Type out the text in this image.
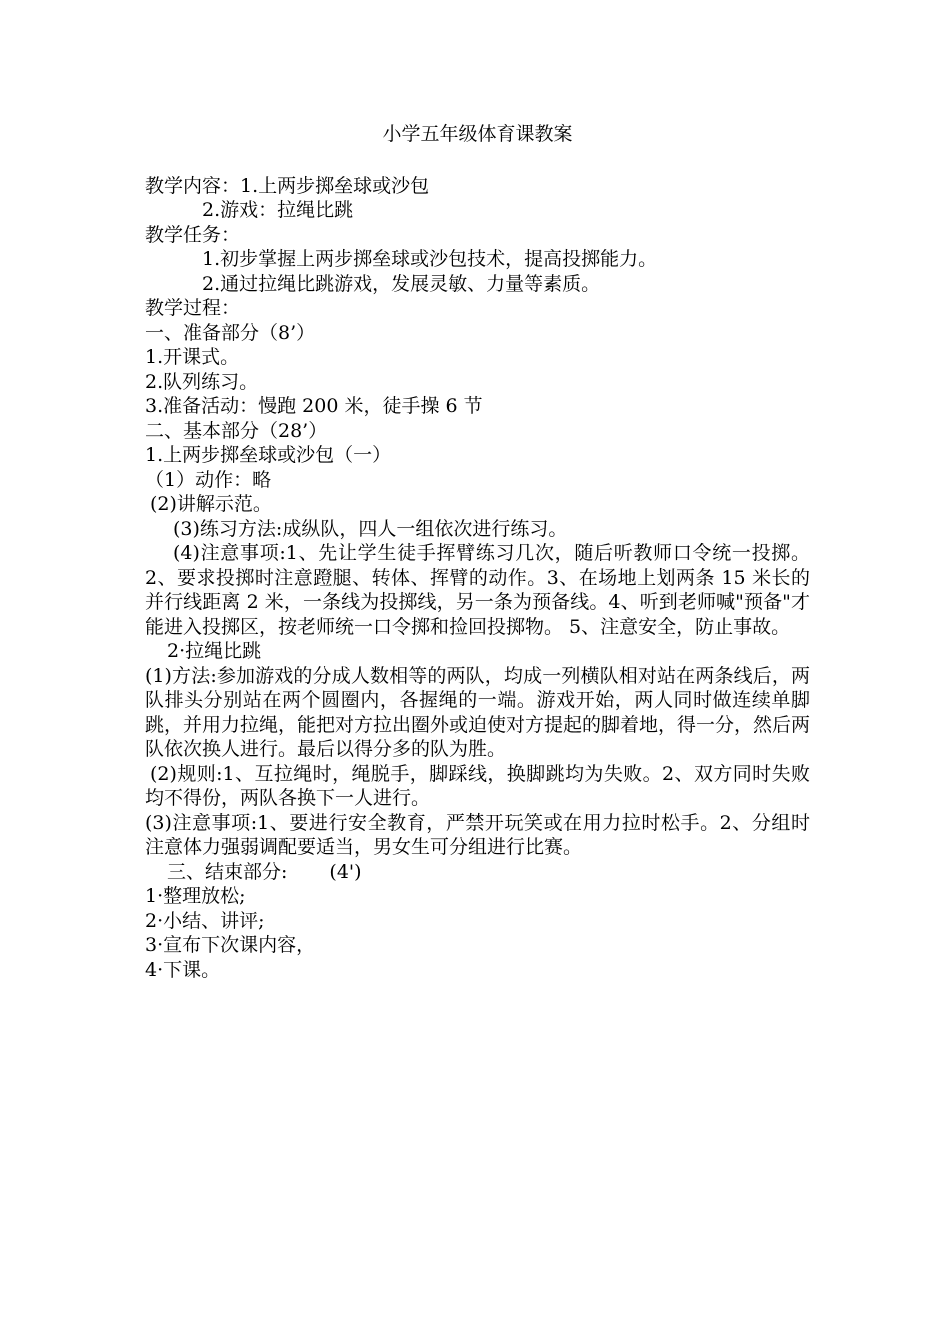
小学五年级体育课教案
教学内容：1.上两步掷垒球或沙包
2.游戏：拉绳比跳
教学任务：
1.初步掌握上两步掷垒球或沙包技术，提高投掷能力。
2.通过拉绳比跳游戏，发展灵敏、力量等素质。
教学过程：
一、准备部分（8’）
1.开课式。
2.队列练习。
3.准备活动：慢跑 200 米，徒手操 6 节
二、基本部分（28’）
1.上两步掷垒球或沙包（一）
（1）动作：略
(2)讲解示范。
(3)练习方法:成纵队，四人一组依次进行练习。
(4)注意事项:1、先让学生徒手挥臂练习几次，随后听教师口令统一投掷。2、要求投掷时注意蹬腿、转体、挥臂的动作。3、在场地上划两条 15 米长的并行线距离 2 米，一条线为投掷线，另一条为预备线。4、听到老师喊"预备"才能进入投掷区，按老师统一口令掷和捡回投掷物。 5、注意安全，防止事故。
2·拉绳比跳
(1)方法:参加游戏的分成人数相等的两队，均成一列横队相对站在两条线后，两队排头分别站在两个圆圈内，各握绳的一端。游戏开始，两人同时做连续单脚跳，并用力拉绳，能把对方拉出圈外或迫使对方提起的脚着地，得一分，然后两队依次换人进行。最后以得分多的队为胜。
(2)规则:1、互拉绳时，绳脱手，脚踩线，换脚跳均为失败。2、双方同时失败均不得份，两队各换下一人进行。
(3)注意事项:1、要进行安全教育，严禁开玩笑或在用力拉时松手。2、分组时注意体力强弱调配要适当，男女生可分组进行比赛。
三、结束部分: (4')
1·整理放松;
2·小结、讲评;
3·宣布下次课内容，
4·下课。
